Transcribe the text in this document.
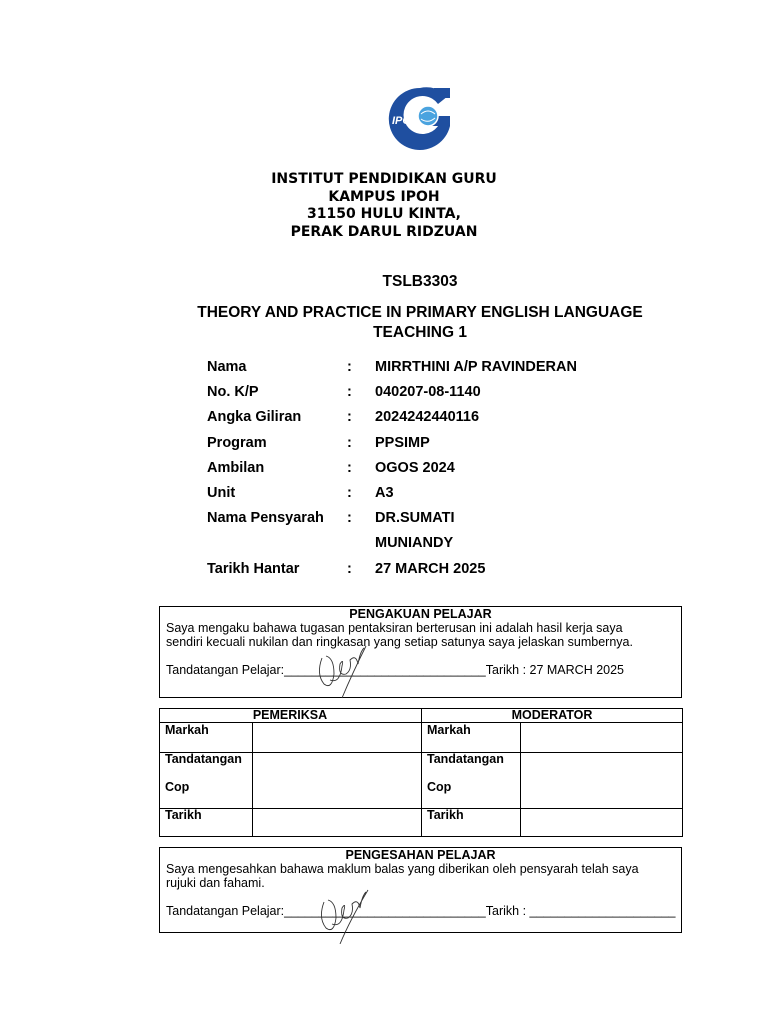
IPG
INSTITUT PENDIDIKAN GURU
KAMPUS IPOH
31150 HULU KINTA,
PERAK DARUL RIDZUAN
TSLB3303
THEORY AND PRACTICE IN PRIMARY ENGLISH LANGUAGE
TEACHING 1
Nama	: MIRRTHINI A/P RAVINDERAN
No. K/P	: 040207-08-1140
Angka Giliran	: 2024242440116
Program	: PPSIMP
Ambilan	: OGOS 2024
Unit	: A3
Nama Pensyarah : DR.SUMATI
MUNIANDY
Tarikh Hantar	: 27 MARCH 2025
PENGAKUAN PELAJAR
Saya mengaku bahawa tugasan pentaksiran berterusan ini adalah hasil kerja saya
sendiri kecuali nukilan dan ringkasan yang setiap satunya saya jelaskan sumbernya.
Tandatangan Pelajar:_____________________________Tarikh : 27 MARCH 2025
PEMERIKSA	MODERATOR
Markah	Markah
Tandatangan	Tandatangan
Cop	Cop
Tarikh	Tarikh
PENGESAHAN PELAJAR
Saya mengesahkan bahawa maklum balas yang diberikan oleh pensyarah telah saya
rujuki dan fahami.
Tandatangan Pelajar:_____________________________Tarikh : _____________________
